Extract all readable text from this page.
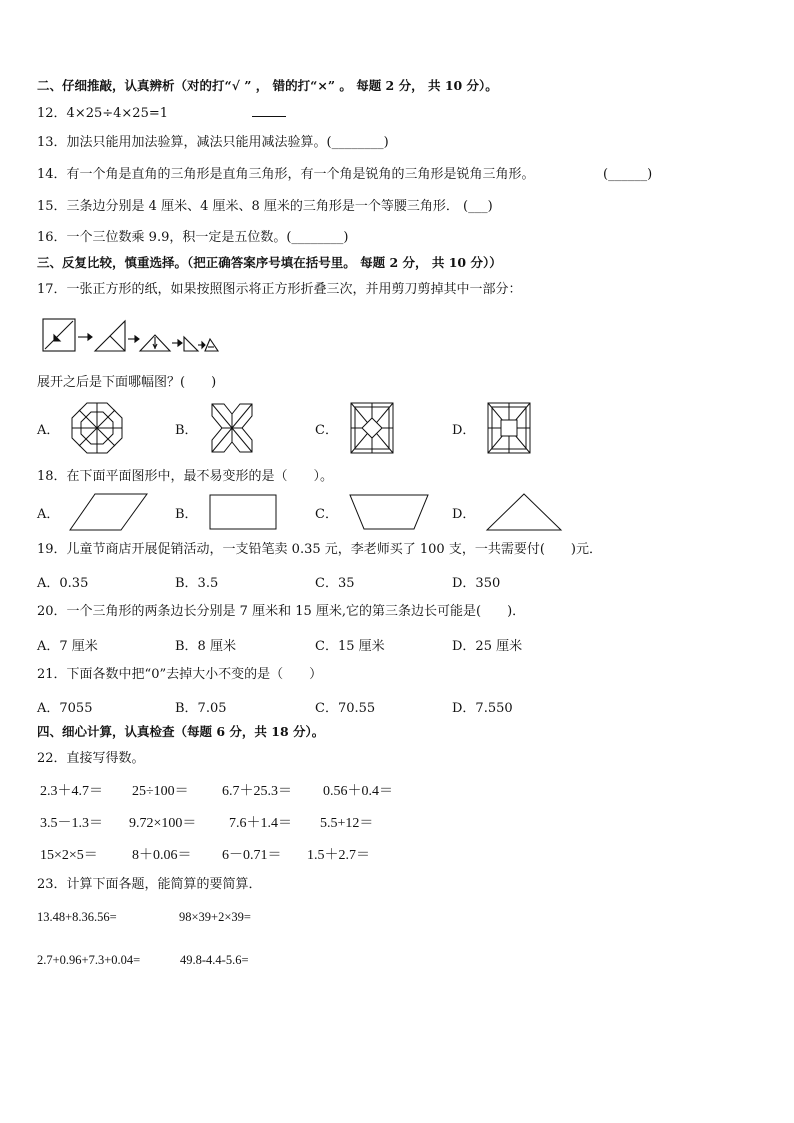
二、仔细推敲，认真辨析（对的打“√ ” ， 错的打“×” 。 每题 2 分， 共 10 分）。
12．4×25÷4×25=1
13．加法只能用加法验算，减法只能用减法验算。(________)
14．有一个角是直角的三角形是直角三角形，有一个角是锐角的三角形是锐角三角形。	(______)
15．三条边分别是 4 厘米、4 厘米、8 厘米的三角形是一个等腰三角形． (___)
16．一个三位数乘 9.9，积一定是五位数。(________)
三、反复比较，慎重选择。（把正确答案序号填在括号里。 每题 2 分， 共 10 分））
17．一张正方形的纸，如果按照图示将正方形折叠三次，并用剪刀剪掉其中一部分：
展开之后是下面哪幅图？(　　)
A．	B．	C．	D．
18．在下面平面图形中，最不易变形的是（　　）。
A．	B．	C．	D．
19．儿童节商店开展促销活动，一支铅笔卖 0.35 元，李老师买了 100 支，一共需要付(　　)元．
A．0.35	B．3.5	C．35	D．350
20．一个三角形的两条边长分别是 7 厘米和 15 厘米,它的第三条边长可能是(　　)．
A．7 厘米	B．8 厘米	C．15 厘米	D．25 厘米
21．下面各数中把“0”去掉大小不变的是（　　）
A．7055	B．7.05	C．70.55	D．7.550
四、细心计算，认真检查（每题 6 分，共 18 分）。
22．直接写得数。
2.3＋4.7＝ 25÷100＝ 6.7＋25.3＝ 0.56＋0.4＝
3.5－1.3＝ 9.72×100＝ 7.6＋1.4＝ 5.5+12＝
15×2×5＝ 8＋0.06＝ 6－0.71＝ 1.5＋2.7＝
23．计算下面各题，能简算的要简算．
13.48+8.36.56=	98×39+2×39=
2.7+0.96+7.3+0.04=	49.8-4.4-5.6=
